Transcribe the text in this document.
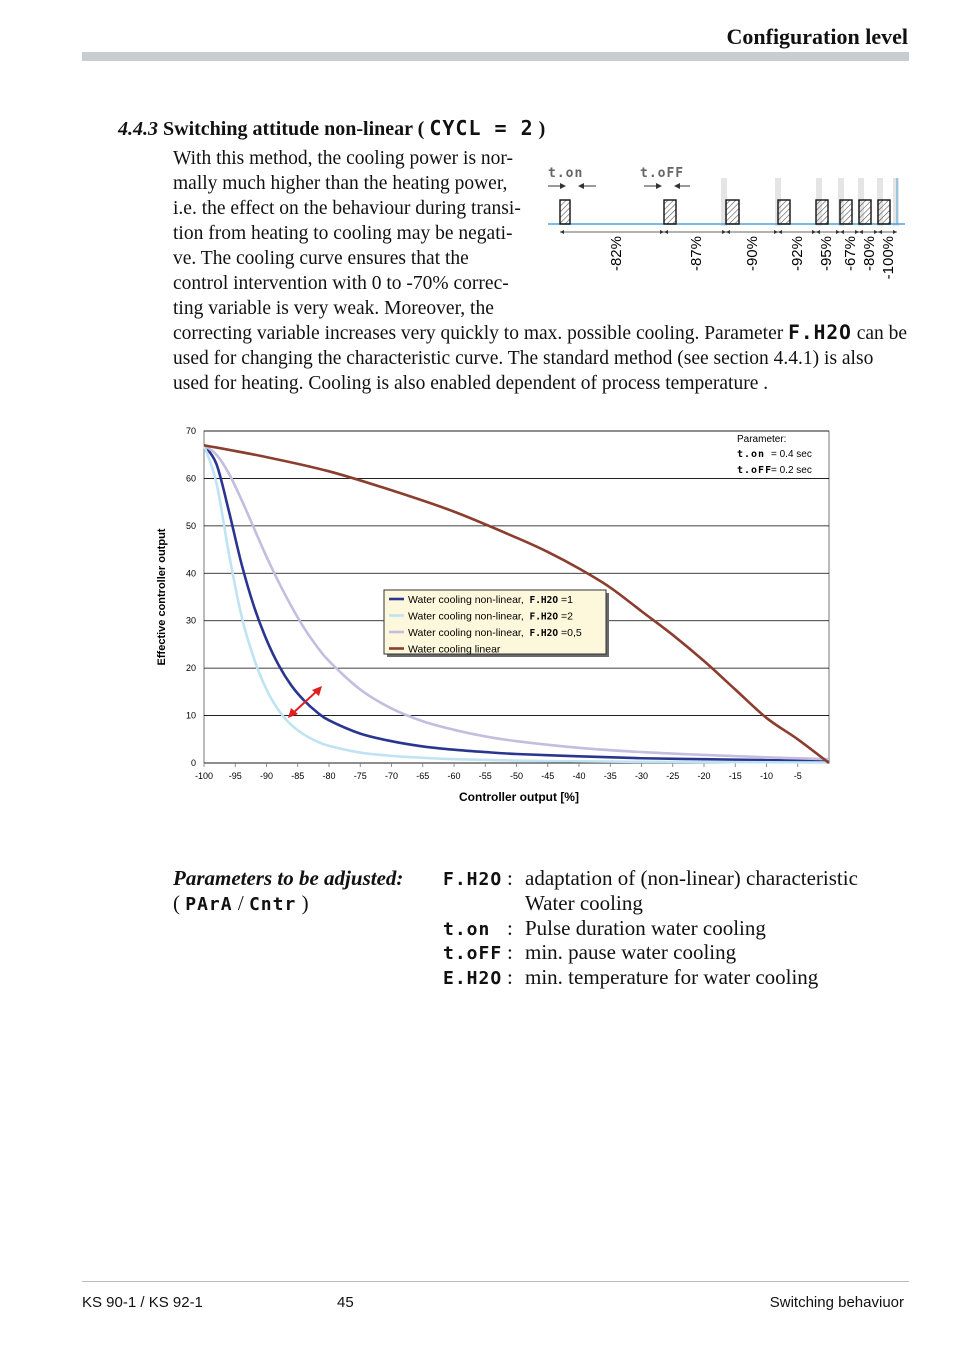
Configuration level
4.4.3 Switching attitude non-linear ( CYCL = 2 )
With this method, the cooling power is nor-
mally much higher than the heating power,
i.e. the effect on the behaviour during transi-
tion from heating to cooling may be negati-
ve. The cooling curve ensures that the
control intervention with 0 to -70% correc-
ting variable is very weak. Moreover, the
correcting variable increases very quickly to max. possible cooling. Parameter F.H2O can be used for changing the characteristic curve. The standard method (see section 4.4.1) is also used for heating. Cooling is also enabled dependent of process temperature .
t.on	t.oFF
-82%	-87%	-90% -92% -95% -67% -80% -100%
0
10
20
30
40
50
60
70
-100 -95 -90 -85 -80 -75 -70 -65 -60 -55 -50 -45 -40 -35 -30 -25 -20 -15 -10 -5
Effective controller output
Controller output [%]
Parameter:
t.on = 0.4 sec
t.oFF
= 0.2 sec
Water cooling non-linear, F.H2O =1
Water cooling non-linear, F.H2O =2
Water cooling non-linear, F.H2O =0,5
Water cooling linear
Parameters to be adjusted:
( PArA / Cntr )
F.H2O : adaptation of (non-linear) characteristic
Water cooling
t.on : Pulse duration water cooling
t.oFF : min. pause water cooling
E.H2O : min. temperature for water cooling
KS 90-1 / KS 92-1	45	Switching behaviuor
